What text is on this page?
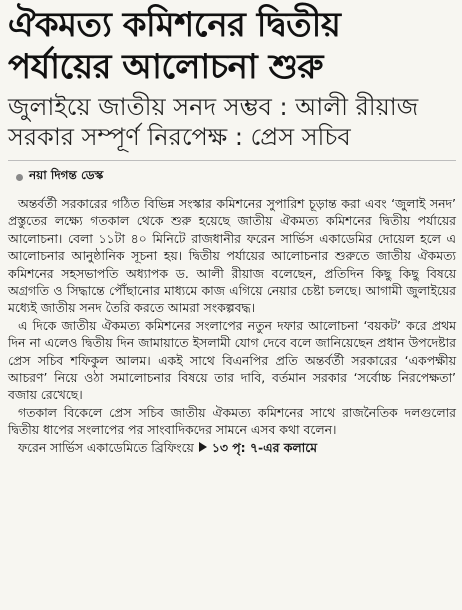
ঐকমত্য কমিশনের দ্বিতীয়
পর্যায়ের আলোচনা শুরু
জুলাইয়ে জাতীয় সনদ সম্ভব : আলী রীয়াজ
সরকার সম্পূর্ণ নিরপেক্ষ : প্রেস সচিব
নয়া দিগন্ত ডেস্ক

অন্তর্বর্তী সরকারের গঠিত বিভিন্ন সংস্কার কমিশনের সুপারিশ চূড়ান্ত করা এবং ‘জুলাই সনদ’ প্রস্তুতের লক্ষ্যে গতকাল থেকে শুরু হয়েছে জাতীয় ঐকমত্য কমিশনের দ্বিতীয় পর্যায়ের আলোচনা। বেলা ১১টা ৪০ মিনিটে রাজধানীর ফরেন সার্ভিস একাডেমির দোয়েল হলে এ আলোচনার আনুষ্ঠানিক সূচনা হয়। দ্বিতীয় পর্যায়ের আলোচনার শুরুতে জাতীয় ঐকমত্য কমিশনের সহসভাপতি অধ্যাপক ড. আলী রীয়াজ বলেছেন, প্রতিদিন কিছু কিছু বিষয়ে অগ্রগতি ও সিদ্ধান্তে পৌঁছানোর মাধ্যমে কাজ এগিয়ে নেয়ার চেষ্টা চলছে। আগামী জুলাইয়ের মধ্যেই জাতীয় সনদ তৈরি করতে আমরা সংকল্পবদ্ধ।

এ দিকে জাতীয় ঐকমত্য কমিশনের সংলাপের নতুন দফার আলোচনা ‘বয়কট’ করে প্রথম দিন না এলেও দ্বিতীয় দিন জামায়াতে ইসলামী যোগ দেবে বলে জানিয়েছেন প্রধান উপদেষ্টার প্রেস সচিব শফিকুল আলম। একই সাথে বিএনপির প্রতি অন্তর্বর্তী সরকারের ‘একপক্ষীয় আচরণ’ নিয়ে ওঠা সমালোচনার বিষয়ে তার দাবি, বর্তমান সরকার ‘সর্বোচ্চ নিরপেক্ষতা’ বজায় রেখেছে।

গতকাল বিকেলে প্রেস সচিব জাতীয় ঐকমত্য কমিশনের সাথে রাজনৈতিক দলগুলোর দ্বিতীয় ধাপের সংলাপের পর সাংবাদিকদের সামনে এসব কথা বলেন।

ফরেন সার্ভিস একাডেমিতে ব্রিফিংয়ে ১৩ পৃ: ৭-এর কলামে
